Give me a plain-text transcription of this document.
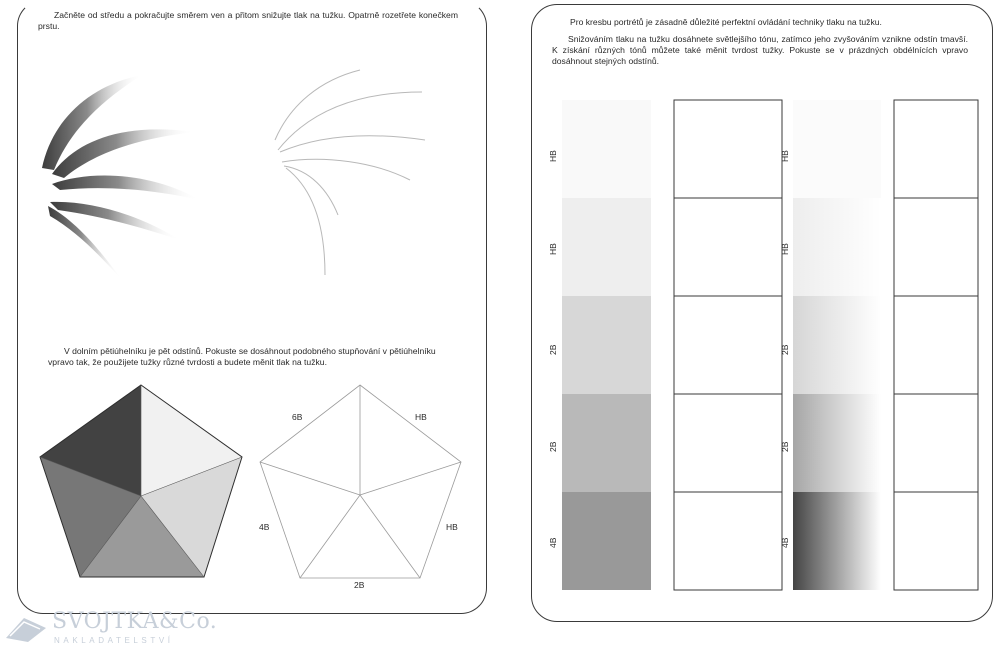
Začněte od středu a pokračujte směrem ven a přitom snižujte tlak na tužku. Opatrně rozetřete konečkem prstu.
V dolním pětiúhelníku je pět odstínů. Pokuste se dosáhnout podobného stupňování v pětiúhelníku vpravo tak, že použijete tužky různé tvrdosti a budete měnit tlak na tužku.
6B	HB
4B	HB
2B
Pro kresbu portrétů je zásadně důležité perfektní ovládání techniky tlaku na tužku.
Snižováním tlaku na tužku dosáhnete světlejšího tónu, zatímco jeho zvyšováním vznikne odstín tmavší. K získání různých tónů můžete také měnit tvrdost tužky. Pokuste se v prázdných obdélnících vpravo dosáhnout stejných odstínů.
HB
HB
2B
2B
4B
HB
HB
2B
2B
4B
SVOJTKA&Co.
NAKLADATELSTVÍ
